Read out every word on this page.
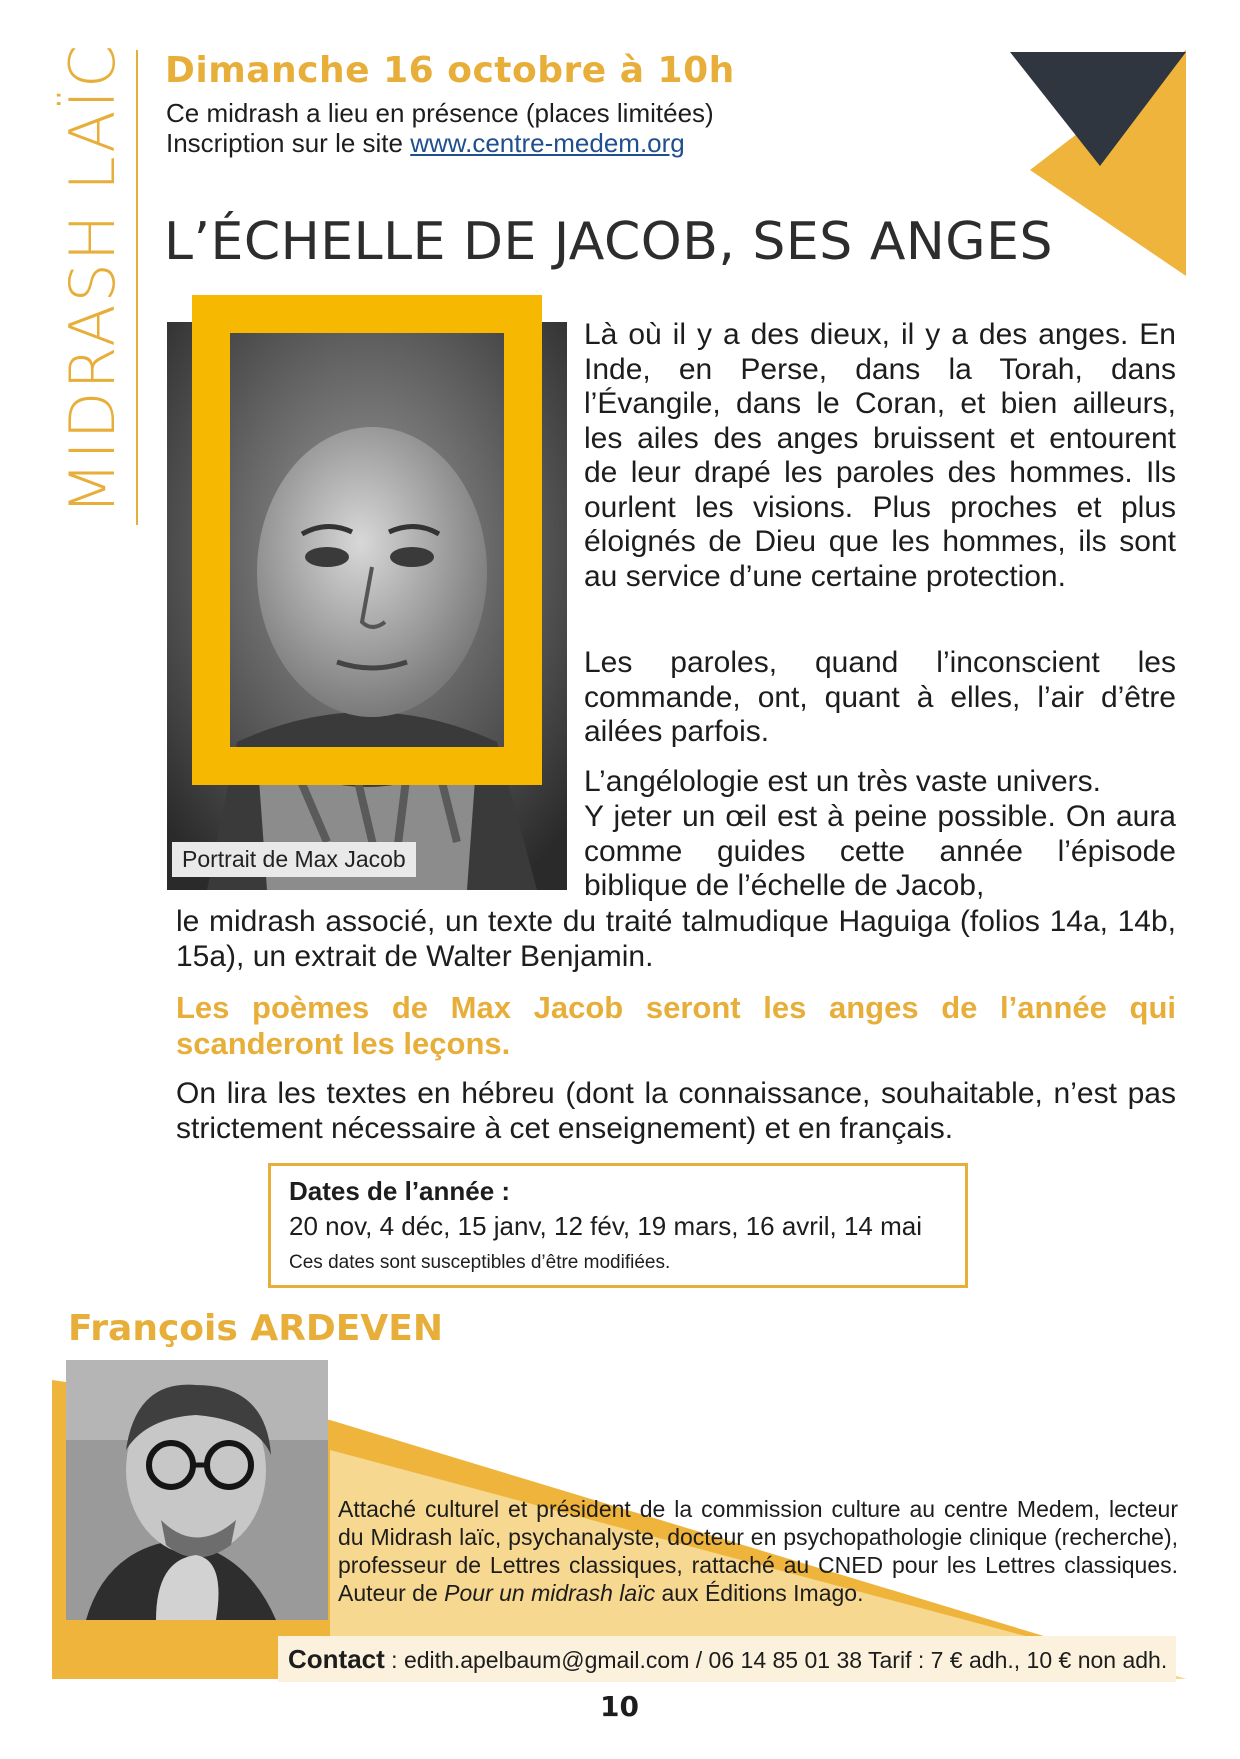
MIDRASH LAÏC Dimanche 16 octobre à 10h
Ce midrash a lieu en présence (places limitées)
Inscription sur le site www.centre-medem.org
L’ÉCHELLE DE JACOB, SES ANGES
Portrait de Max Jacob
Là où il y a des dieux, il y a des anges. En Inde, en Perse, dans la Torah, dans l’Évangile, dans le Coran, et bien ailleurs, les ailes des anges bruissent et entourent de leur drapé les paroles des hommes. Ils ourlent les visions. Plus proches et plus éloignés de Dieu que les hommes, ils sont au service d’une certaine protection.
Les paroles, quand l’inconscient les commande, ont, quant à elles, l’air d’être ailées parfois.
L’angélologie est un très vaste univers.
Y jeter un œil est à peine possible. On aura comme guides cette année l’épisode biblique de l’échelle de Jacob,
le midrash associé, un texte du traité talmudique Haguiga (folios 14a, 14b, 15a), un extrait de Walter Benjamin.
Les poèmes de Max Jacob seront les anges de l’année qui scanderont les leçons.
On lira les textes en hébreu (dont la connaissance, souhaitable, n’est pas strictement nécessaire à cet enseignement) et en français.
Dates de l’année :
20 nov, 4 déc, 15 janv, 12 fév, 19 mars, 16 avril, 14 mai
Ces dates sont susceptibles d’être modifiées.
François ARDEVEN
Attaché culturel et président de la commission culture au centre Medem, lecteur du Midrash laïc, psychanalyste, docteur en psychopathologie clinique (recherche), professeur de Lettres classiques, rattaché au CNED pour les Lettres classiques. Auteur de Pour un midrash laïc aux Éditions Imago.
Contact : edith.apelbaum@gmail.com / 06 14 85 01 38 Tarif : 7 € adh., 10 € non adh.
10
